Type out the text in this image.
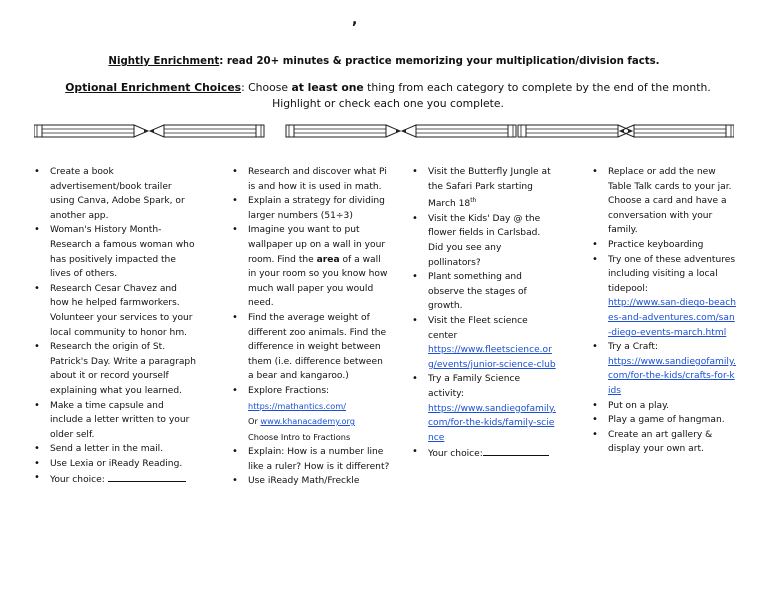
,
Nightly Enrichment: read 20+ minutes & practice memorizing your multiplication/division facts.
Optional Enrichment Choices: Choose at least one thing from each category to complete by the end of the month. Highlight or check each one you complete.
• Create a book advertisement/book trailer using Canva, Adobe Spark, or another app.
• Woman's History Month-Research a famous woman who has positively impacted the lives of others.
• Research Cesar Chavez and how he helped farmworkers. Volunteer your services to your local community to honor hm.
• Research the origin of St. Patrick's Day. Write a paragraph about it or record yourself explaining what you learned.
• Make a time capsule and include a letter written to your older self.
• Send a letter in the mail.
• Use Lexia or iReady Reading.
• Your choice:
• Research and discover what Pi is and how it is used in math.
• Explain a strategy for dividing larger numbers (51÷3)
• Imagine you want to put wallpaper up on a wall in your room. Find the area of a wall in your room so you know how much wall paper you would need.
• Find the average weight of different zoo animals. Find the difference in weight between them (i.e. difference between a bear and kangaroo.)
• Explore Fractions:
https://mathantics.com/
Or www.khanacademy.org
Choose Intro to Fractions
• Explain: How is a number line like a ruler? How is it different?
• Use iReady Math/Freckle
• Visit the Butterfly Jungle at the Safari Park starting March 18th
• Visit the Kids' Day @ the flower fields in Carlsbad. Did you see any pollinators?
• Plant something and observe the stages of growth.
• Visit the Fleet science center
https://www.fleetscience.org/events/junior-science-club
• Try a Family Science activity:
https://www.sandiegofamily.com/for-the-kids/family-science
• Your choice:
• Replace or add the new Table Talk cards to your jar. Choose a card and have a conversation with your family.
• Practice keyboarding
• Try one of these adventures including visiting a local tidepool:
http://www.san-diego-beaches-and-adventures.com/san-diego-events-march.html
• Try a Craft:
https://www.sandiegofamily.com/for-the-kids/crafts-for-kids
• Put on a play.
• Play a game of hangman.
• Create an art gallery & display your own art.
